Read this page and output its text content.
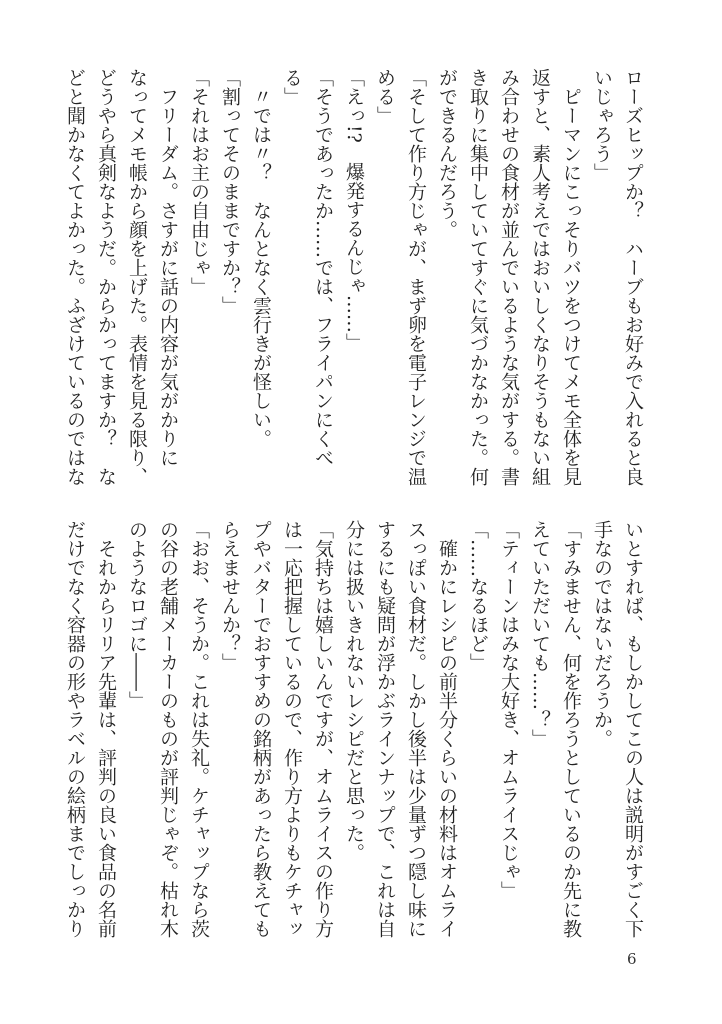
ローズヒップか？　ハーブもお好みで入れると良
いじゃろう」
　ピーマンにこっそりバツをつけてメモ全体を見
返すと、素人考えではおいしくなりそうもない組
み合わせの食材が並んでいるような気がする。書
き取りに集中していてすぐに気づかなかった。何
ができるんだろう。
「そして作り方じゃが、まず卵を電子レンジで温
める」
「えっ!?　爆発するんじゃ……」
「そうであったか……では、フライパンにくべ
る」
　〃では〃？　なんとなく雲行きが怪しい。
「割ってそのままですか？」
「それはお主の自由じゃ」
　フリーダム。さすがに話の内容が気がかりに
なってメモ帳から顔を上げた。表情を見る限り、
どうやら真剣なようだ。からかってますか？　な
どと聞かなくてよかった。ふざけているのではな
いとすれば、もしかしてこの人は説明がすごく下
手なのではないだろうか。
「すみません、何を作ろうとしているのか先に教
えていただいても……？」
「ティーンはみな大好き、オムライスじゃ」
「……なるほど」
　確かにレシピの前半分くらいの材料はオムライ
スっぽい食材だ。しかし後半は少量ずつ隠し味に
するにも疑問が浮かぶラインナップで、これは自
分には扱いきれないレシピだと思った。
「気持ちは嬉しいんですが、オムライスの作り方
は一応把握しているので、作り方よりもケチャッ
プやバターでおすすめの銘柄があったら教えても
らえませんか？」
「おお、そうか。これは失礼。ケチャップなら茨
の谷の老舗メーカーのものが評判じゃぞ。枯れ木
のようなロゴに――」
　それからリリア先輩は、評判の良い食品の名前
だけでなく容器の形やラベルの絵柄までしっかり
6
